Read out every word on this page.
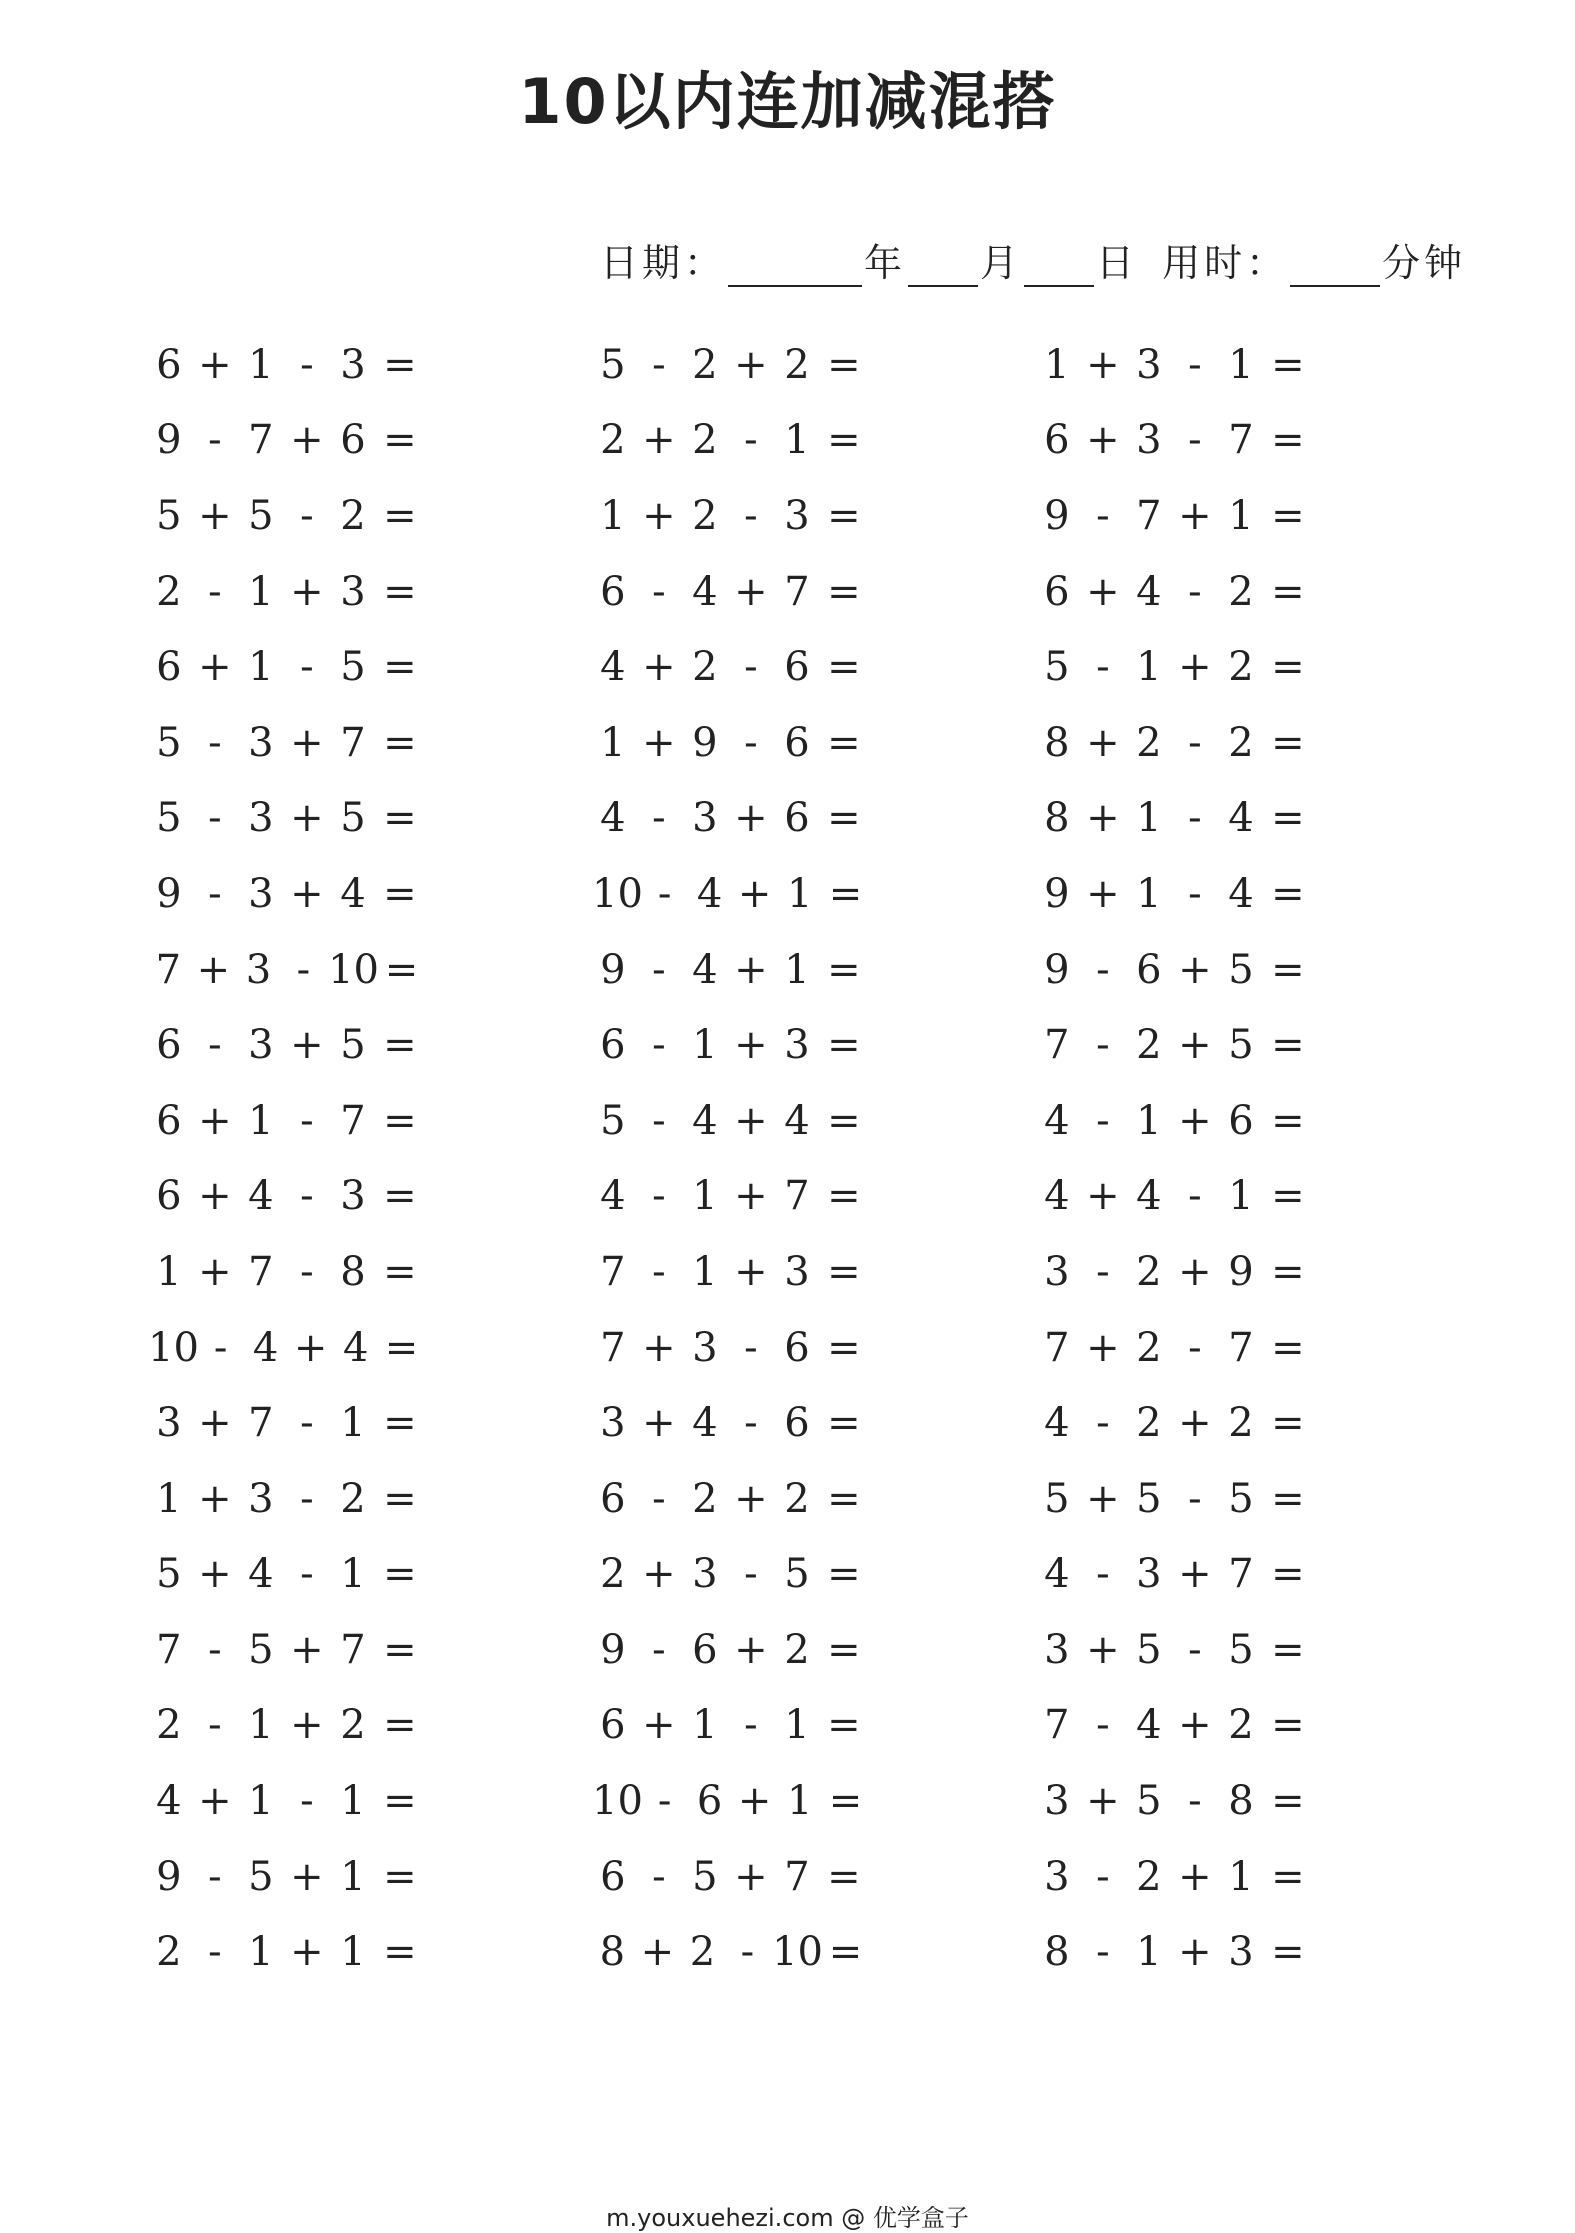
10以内连加减混搭
日期：	年 月 日 用时： 分钟
6 + 1 - 3 =
9 - 7 + 6 =
5 + 5 - 2 =
2 - 1 + 3 =
6 + 1 - 5 =
5 - 3 + 7 =
5 - 3 + 5 =
9 - 3 + 4 =
7 + 3 - 10 =
6 - 3 + 5 =
6 + 1 - 7 =
6 + 4 - 3 =
1 + 7 - 8 =
10 - 4 + 4 =
3 + 7 - 1 =
1 + 3 - 2 =
5 + 4 - 1 =
7 - 5 + 7 =
2 - 1 + 2 =
4 + 1 - 1 =
9 - 5 + 1 =
2 - 1 + 1 =
5 - 2 + 2 =
2 + 2 - 1 =
1 + 2 - 3 =
6 - 4 + 7 =
4 + 2 - 6 =
1 + 9 - 6 =
4 - 3 + 6 =
10 - 4 + 1 =
9 - 4 + 1 =
6 - 1 + 3 =
5 - 4 + 4 =
4 - 1 + 7 =
7 - 1 + 3 =
7 + 3 - 6 =
3 + 4 - 6 =
6 - 2 + 2 =
2 + 3 - 5 =
9 - 6 + 2 =
6 + 1 - 1 =
10 - 6 + 1 =
6 - 5 + 7 =
8 + 2 - 10 =
1 + 3 - 1 =
6 + 3 - 7 =
9 - 7 + 1 =
6 + 4 - 2 =
5 - 1 + 2 =
8 + 2 - 2 =
8 + 1 - 4 =
9 + 1 - 4 =
9 - 6 + 5 =
7 - 2 + 5 =
4 - 1 + 6 =
4 + 4 - 1 =
3 - 2 + 9 =
7 + 2 - 7 =
4 - 2 + 2 =
5 + 5 - 5 =
4 - 3 + 7 =
3 + 5 - 5 =
7 - 4 + 2 =
3 + 5 - 8 =
3 - 2 + 1 =
8 - 1 + 3 =
m.youxuehezi.com @ 优学盒子
